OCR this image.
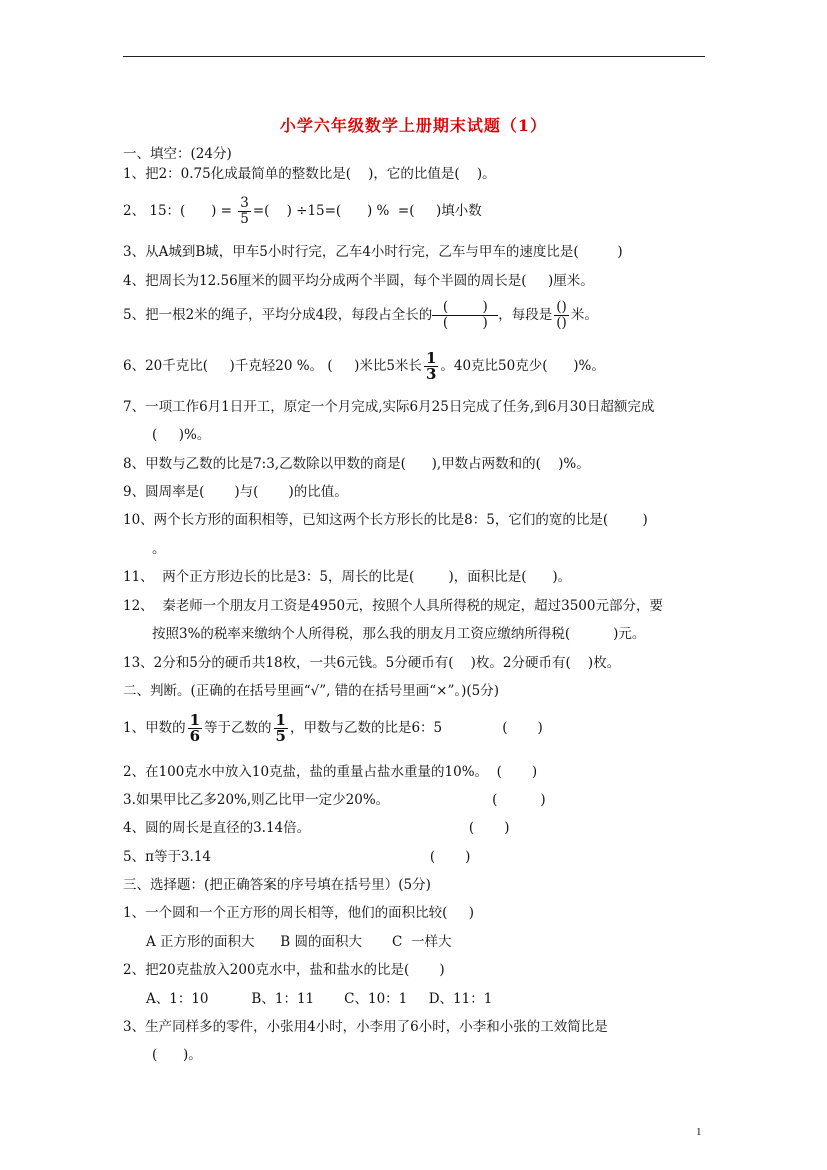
小学六年级数学上册期末试题（1）
一、填空：(24分)
1、把2：0.75化成最简单的整数比是(    )，它的比值是(    )。
2、 15：(      ) = $\frac{3}{5}$ =(    ) ÷15=(      ) %  =(     )填小数
3、从A城到B城，甲车5小时行完，乙车4小时行完，乙车与甲车的速度比是(         )
4、把周长为12.56厘米的圆平均分成两个半圆，每个半圆的周长是(     )厘米。
5、把一根2米的绳子，平均分成4段，每段占全长的 $\frac{( )}{( )}$，每段是 $\frac{()}{()}$ 米。
6、20千克比(     )千克轻20 %。 (     )米比5米长 $\frac{1}{3}$ 。40克比50克少(      )%。
7、一项工作6月1日开工，原定一个月完成,实际6月25日完成了任务,到6月30日超额完成
(     )%。
8、甲数与乙数的比是7:3,乙数除以甲数的商是(      ),甲数占两数和的(    )%。
9、圆周率是(       )与(       )的比值。
10、两个长方形的面积相等，已知这两个长方形长的比是8：5，它们的宽的比是(        )
。
11、  两个正方形边长的比是3：5，周长的比是(        )，面积比是(      )。
12、  秦老师一个朋友月工资是4950元，按照个人具所得税的规定，超过3500元部分，要
按照3%的税率来缴纳个人所得税，那么我的朋友月工资应缴纳所得税(          )元。
13、2分和5分的硬币共18枚，一共6元钱。5分硬币有(    )枚。2分硬币有(    )枚。
二、判断。(正确的在括号里画“√”, 错的在括号里画“×”。)(5分)
1、甲数的 $\frac{1}{6}$ 等于乙数的 $\frac{1}{5}$ ，甲数与乙数的比是6：5              (       )
2、在100克水中放入10克盐，盐的重量占盐水重量的10%。  (       )
3.如果甲比乙多20%,则乙比甲一定少20%。                        (          )
4、圆的周长是直径的3.14倍。                                     (       )
5、π等于3.14                                                   (       )
三、选择题：(把正确答案的序号填在括号里）(5分)
1、一个圆和一个正方形的周长相等，他们的面积比较(     )
A 正方形的面积大      B 圆的面积大       C  一样大
2、把20克盐放入200克水中，盐和盐水的比是(       )
A、1：10          B、1：11       C、10：1     D、11：1
3、生产同样多的零件，小张用4小时，小李用了6小时，小李和小张的工效简比是
(      )。
1
